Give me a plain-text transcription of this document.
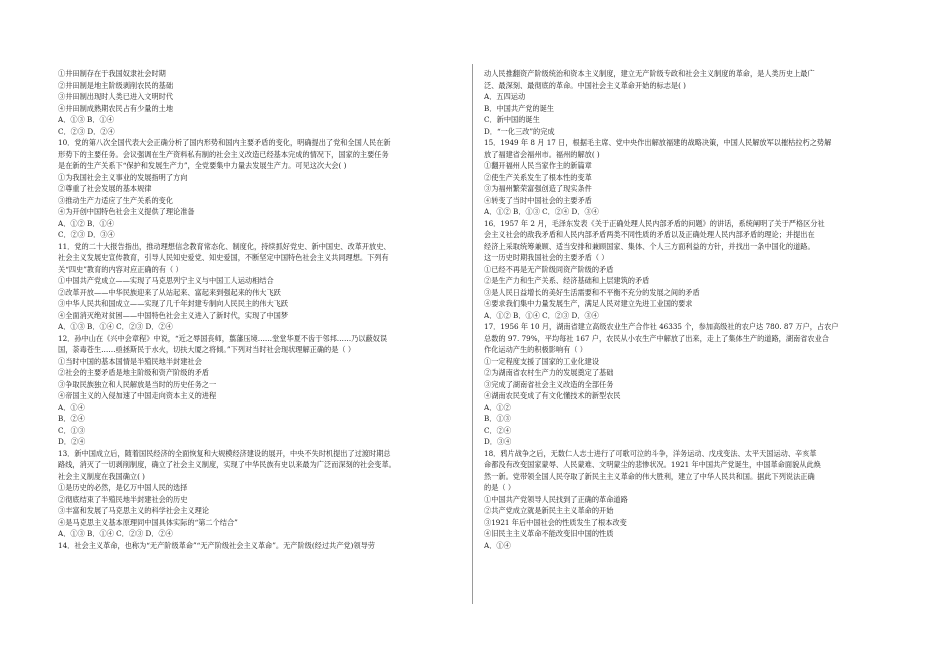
①井田制存在于我国奴隶社会时期
②井田制是地主阶级剥削农民的基础
③井田制出现时人类已进入文明时代
④井田制成熟期农民占有少量的土地
A．①③ B．①④
C．②③ D．②④
10．党的第八次全国代表大会正确分析了国内形势和国内主要矛盾的变化，明确提出了党和全国人民在新
形势下的主要任务。会议强调在生产资料私有制的社会主义改造已经基本完成的情况下，国家的主要任务
是在新的生产关系下“保护和发展生产力”，全党要集中力量去发展生产力。可见这次大会( )
①为我国社会主义事业的发展指明了方向
②尊重了社会发展的基本规律
③推动生产力适应了生产关系的变化
④为开创中国特色社会主义提供了理论准备
A．①② B．①④
C．②③ D．③④
11．党的二十大报告指出，推动理想信念教育常态化、制度化，持续抓好党史、新中国史、改革开放史、
社会主义发展史宣传教育，引导人民知史爱党、知史爱国，不断坚定中国特色社会主义共同理想。下列有
关“四史”教育的内容对应正确的有（ ）
①中国共产党成立——实现了马克思列宁主义与中国工人运动相结合
②改革开放——中华民族迎来了从站起来、富起来到强起来的伟大飞跃
③中华人民共和国成立——实现了几千年封建专制向人民民主的伟大飞跃
④全面消灭绝对贫困——中国特色社会主义进入了新时代，实现了中国梦
A．①③ B．①④ C．②③ D．②④
12．孙中山在《兴中会章程》中说，“近之辱国丧师，翦藩压境……堂堂华夏不齿于邻邦……乃以蔽奴误
国，荼毒苍生……亟拯斯民于水火，切扶大厦之将倾。”下列对当时社会现状理解正确的是（ ）
①当时中国的基本国情是半殖民地半封建社会
②社会的主要矛盾是地主阶级和资产阶级的矛盾
③争取民族独立和人民解放是当时的历史任务之一
④帝国主义的入侵加速了中国走向资本主义的进程
A．①④
B．②④
C．①③
D．②④
13．新中国成立后，随着国民经济的全面恢复和大规模经济建设的展开，中央不失时机提出了过渡时期总
路线，消灭了一切剥削制度，确立了社会主义制度，实现了中华民族有史以来最为广泛而深刻的社会变革。
社会主义制度在我国确立( )
①是历史的必然，是亿万中国人民的选择
②彻底结束了半殖民地半封建社会的历史
③丰富和发展了马克思主义的科学社会主义理论
④是马克思主义基本原理同中国具体实际的“第二个结合”
A．①③ B．①④ C．②③ D．②④
14．社会主义革命，也称为“无产阶级革命”“无产阶级社会主义革命”。无产阶级(经过共产党)领导劳
动人民推翻资产阶级统治和资本主义制度，建立无产阶级专政和社会主义制度的革命，是人类历史上最广
泛、最深刻、最彻底的革命。中国社会主义革命开始的标志是( )
A．五四运动
B．中国共产党的诞生
C．新中国的诞生
D．“一化三改”的完成
15．1949 年 8 月 17 日，根据毛主席、党中央作出解放福建的战略决策，中国人民解放军以摧枯拉朽之势解
放了福建省会福州市。福州的解放( )
①翻开福州人民当家作主的新篇章
②使生产关系发生了根本性的变革
③为福州繁荣富强创造了现实条件
④转变了当时中国社会的主要矛盾
A．①② B．①③ C．②④ D．③④
16．1957 年 2 月，毛泽东发表《关于正确处理人民内部矛盾的问题》的讲话，系统阐明了关于严格区分社
会主义社会的敌我矛盾和人民内部矛盾两类不同性质的矛盾以及正确处理人民内部矛盾的理论；并提出在
经济上采取统筹兼顾、适当安排和兼顾国家、集体、个人三方面利益的方针，并找出一条中国化的道路。
这一历史时期我国社会的主要矛盾（ ）
①已经不再是无产阶级同资产阶级的矛盾
②是生产力和生产关系、经济基础和上层建筑的矛盾
③是人民日益增长的美好生活需要和不平衡不充分的发展之间的矛盾
④要求我们集中力量发展生产，满足人民对建立先进工业国的要求
A．①② B．①④ C．②③ D．③④
17．1956 年 10 月，湖南省建立高级农业生产合作社 46335 个，参加高级社的农户达 780. 87 万户，占农户
总数的 97. 79%，平均每社 167 户，农民从小农生产中解放了出来，走上了集体生产的道路，湖南省农业合
作化运动产生的积极影响有（ ）
①一定程度支援了国家的工业化建设
②为湖南省农村生产力的发展奠定了基础
③完成了湖南省社会主义改造的全部任务
④湖南农民变成了有文化懂技术的新型农民
A．①②
B．①③
C．②④
D．③④
18．鸦片战争之后，无数仁人志士进行了可歌可泣的斗争，洋务运动、戊戌变法、太平天国运动、辛亥革
命都没有改变国家蒙辱、人民蒙难、文明蒙尘的悲惨状况。1921 年中国共产党诞生，中国革命面貌从此焕
然一新。党带领全国人民夺取了新民主主义革命的伟大胜利，建立了中华人民共和国。据此下列说法正确
的是（ ）
①中国共产党领导人民找到了正确的革命道路
②共产党成立就是新民主主义革命的开始
③1921 年后中国社会的性质发生了根本改变
④旧民主主义革命不能改变旧中国的性质
A．①④
